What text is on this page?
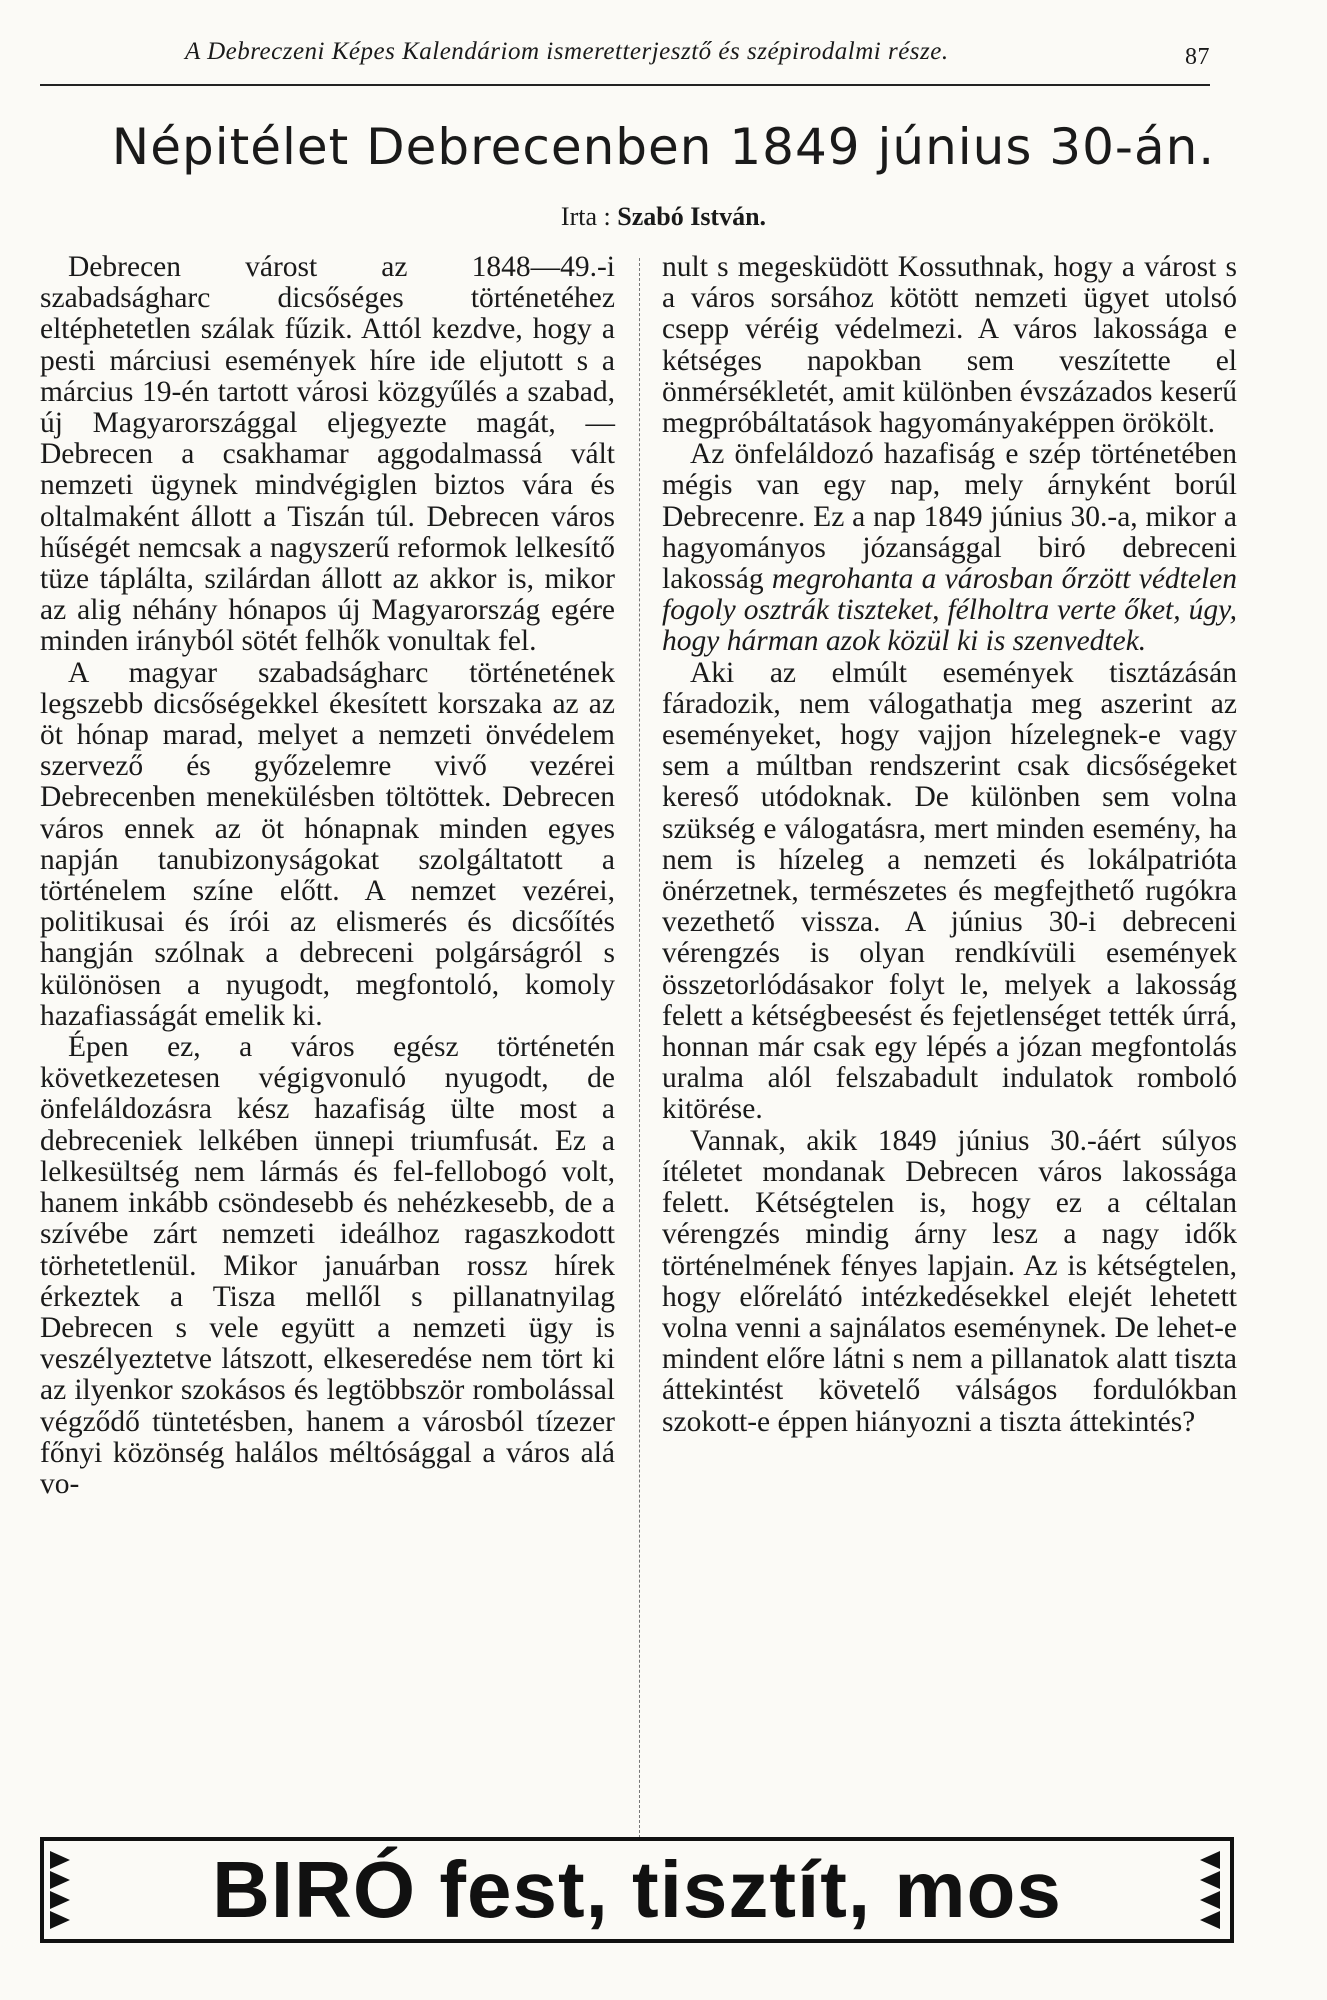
A Debreczeni Képes Kalendáriom ismeretterjesztő és szépirodalmi része.	87
Népitélet Debrecenben 1849 június 30-án.
Irta : Szabó István.

Debrecen várost az 1848—49.-i szabadságharc dicsőséges történetéhez eltéphetetlen szálak fűzik. Attól kezdve, hogy a pesti márciusi események híre ide eljutott s a március 19-én tartott városi közgyűlés a szabad, új Magyarországgal eljegyezte magát, — Debrecen a csakhamar aggodalmassá vált nemzeti ügynek mindvégiglen biztos vára és oltalmaként állott a Tiszán túl. Debrecen város hűségét nemcsak a nagyszerű reformok lelkesítő tüze táplálta, szilárdan állott az akkor is, mikor az alig néhány hónapos új Magyarország egére minden irányból sötét felhők vonultak fel.

A magyar szabadságharc történetének legszebb dicsőségekkel ékesített korszaka az az öt hónap marad, melyet a nemzeti önvédelem szervező és győzelemre vivő vezérei Debrecenben menekülésben töltöttek. Debrecen város ennek az öt hónapnak minden egyes napján tanubizonyságokat szolgáltatott a történelem színe előtt. A nemzet vezérei, politikusai és írói az elismerés és dicsőítés hangján szólnak a debreceni polgárságról s különösen a nyugodt, megfontoló, komoly hazafiasságát emelik ki.

Épen ez, a város egész történetén következetesen végigvonuló nyugodt, de önfeláldozásra kész hazafiság ülte most a debreceniek lelkében ünnepi triumfusát. Ez a lelkesültség nem lármás és fel-fellobogó volt, hanem inkább csöndesebb és nehézkesebb, de a szívébe zárt nemzeti ideálhoz ragaszkodott törhetetlenül. Mikor januárban rossz hírek érkeztek a Tisza mellől s pillanatnyilag Debrecen s vele együtt a nemzeti ügy is veszélyeztetve látszott, elkeseredése nem tört ki az ilyenkor szokásos és legtöbbször rombolással végződő tüntetésben, hanem a városból tízezer főnyi közönség halálos méltósággal a város alá vo-

nult s megesküdött Kossuthnak, hogy a várost s a város sorsához kötött nemzeti ügyet utolsó csepp véréig védelmezi. A város lakossága e kétséges napokban sem veszítette el önmérsékletét, amit különben évszázados keserű megpróbáltatások hagyományaképpen örökölt.

Az önfeláldozó hazafiság e szép történetében mégis van egy nap, mely árnyként borúl Debrecenre. Ez a nap 1849 június 30.-a, mikor a hagyományos józansággal biró debreceni lakosság megrohanta a városban őrzött védtelen fogoly osztrák tiszteket, félholtra verte őket, úgy, hogy hárman azok közül ki is szenvedtek.

Aki az elmúlt események tisztázásán fáradozik, nem válogathatja meg aszerint az eseményeket, hogy vajjon hízelegnek-e vagy sem a múltban rendszerint csak dicsőségeket kereső utódoknak. De különben sem volna szükség e válogatásra, mert minden esemény, ha nem is hízeleg a nemzeti és lokálpatrióta önérzetnek, természetes és megfejthető rugókra vezethető vissza. A június 30-i debreceni vérengzés is olyan rendkívüli események összetorlódásakor folyt le, melyek a lakosság felett a kétségbeesést és fejetlenséget tették úrrá, honnan már csak egy lépés a józan megfontolás uralma alól felszabadult indulatok romboló kitörése.

Vannak, akik 1849 június 30.-áért súlyos ítéletet mondanak Debrecen város lakossága felett. Kétségtelen is, hogy ez a céltalan vérengzés mindig árny lesz a nagy idők történelmének fényes lapjain. Az is kétségtelen, hogy előrelátó intézkedésekkel elejét lehetett volna venni a sajnálatos eseménynek. De lehet-e mindent előre látni s nem a pillanatok alatt tiszta áttekintést követelő válságos fordulókban szokott-e éppen hiányozni a tiszta áttekintés?

BIRÓ fest, tisztít, mos
